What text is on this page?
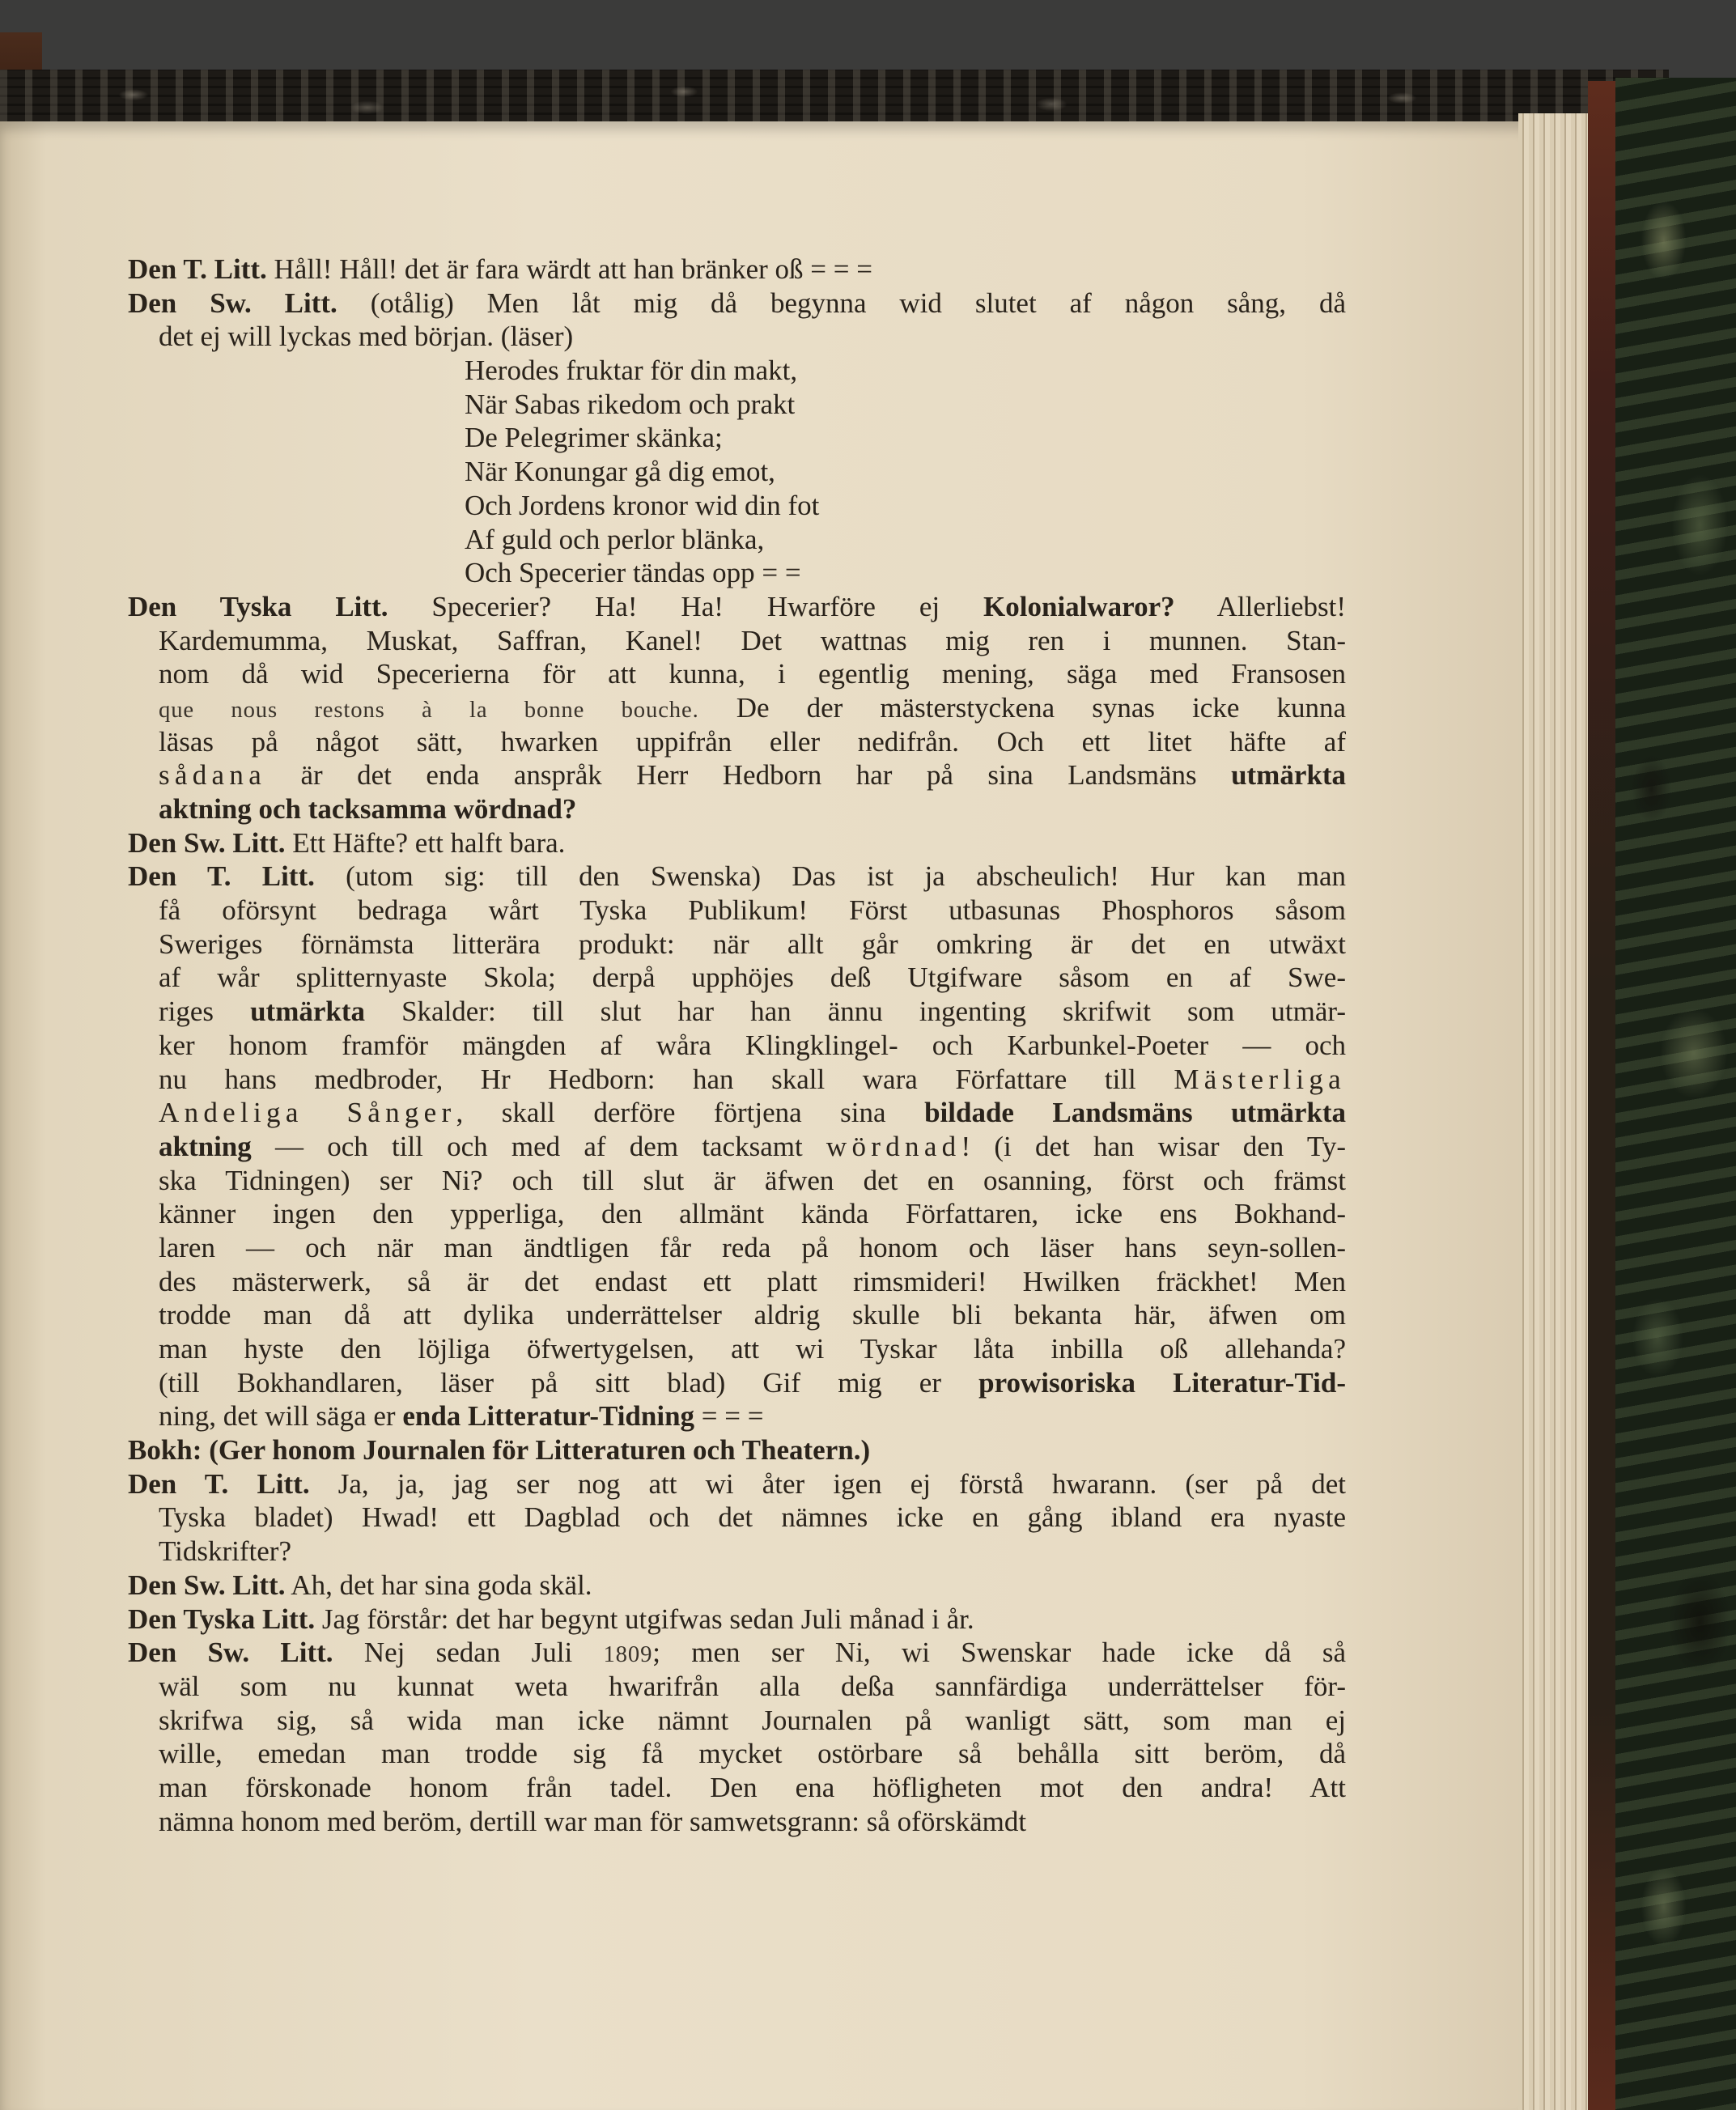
Den T. Litt. Håll! Håll! det är fara wärdt att han bränker oß = = =
Den Sw. Litt. (otålig) Men låt mig då begynna wid slutet af någon sång, då
det ej will lyckas med början. (läser)
Herodes fruktar för din makt,
När Sabas rikedom och prakt
De Pelegrimer skänka;
När Konungar gå dig emot,
Och Jordens kronor wid din fot
Af guld och perlor blänka,
Och Specerier tändas opp = =
Den Tyska Litt. Specerier? Ha! Ha! Hwarföre ej Kolonialwaror? Allerliebst!
Kardemumma, Muskat, Saffran, Kanel! Det wattnas mig ren i munnen. Stan-
nom då wid Specerierna för att kunna, i egentlig mening, säga med Fransosen
que nous restons à la bonne bouche. De der mästerstyckena synas icke kunna
läsas på något sätt, hwarken uppifrån eller nedifrån. Och ett litet häfte af
sådana är det enda anspråk Herr Hedborn har på sina Landsmäns utmärkta
aktning och tacksamma wördnad?
Den Sw. Litt. Ett Häfte? ett halft bara.
Den T. Litt. (utom sig: till den Swenska) Das ist ja abscheulich! Hur kan man
få oförsynt bedraga wårt Tyska Publikum! Först utbasunas Phosphoros såsom
Sweriges förnämsta litterära produkt: när allt går omkring är det en utwäxt
af wår splitternyaste Skola; derpå upphöjes deß Utgifware såsom en af Swe-
riges utmärkta Skalder: till slut har han ännu ingenting skrifwit som utmär-
ker honom framför mängden af wåra Klingklingel- och Karbunkel-Poeter — och
nu hans medbroder, Hr Hedborn: han skall wara Författare till Mästerliga
Andeliga Sånger, skall derföre förtjena sina bildade Landsmäns utmärkta
aktning — och till och med af dem tacksamt wördnad! (i det han wisar den Ty-
ska Tidningen) ser Ni? och till slut är äfwen det en osanning, först och främst
känner ingen den ypperliga, den allmänt kända Författaren, icke ens Bokhand-
laren — och när man ändtligen får reda på honom och läser hans seyn-sollen-
des mästerwerk, så är det endast ett platt rimsmideri! Hwilken fräckhet! Men
trodde man då att dylika underrättelser aldrig skulle bli bekanta här, äfwen om
man hyste den löjliga öfwertygelsen, att wi Tyskar låta inbilla oß allehanda?
(till Bokhandlaren, läser på sitt blad) Gif mig er prowisoriska Literatur-Tid-
ning, det will säga er enda Litteratur-Tidning = = =
Bokh: (Ger honom Journalen för Litteraturen och Theatern.)
Den T. Litt. Ja, ja, jag ser nog att wi åter igen ej förstå hwarann. (ser på det
Tyska bladet) Hwad! ett Dagblad och det nämnes icke en gång ibland era nyaste
Tidskrifter?
Den Sw. Litt. Ah, det har sina goda skäl.
Den Tyska Litt. Jag förstår: det har begynt utgifwas sedan Juli månad i år.
Den Sw. Litt. Nej sedan Juli 1809; men ser Ni, wi Swenskar hade icke då så
wäl som nu kunnat weta hwarifrån alla deßa sannfärdiga underrättelser för-
skrifwa sig, så wida man icke nämnt Journalen på wanligt sätt, som man ej
wille, emedan man trodde sig få mycket ostörbare så behålla sitt beröm, då
man förskonade honom från tadel. Den ena höfligheten mot den andra! Att
nämna honom med beröm, dertill war man för samwetsgrann: så oförskämdt
